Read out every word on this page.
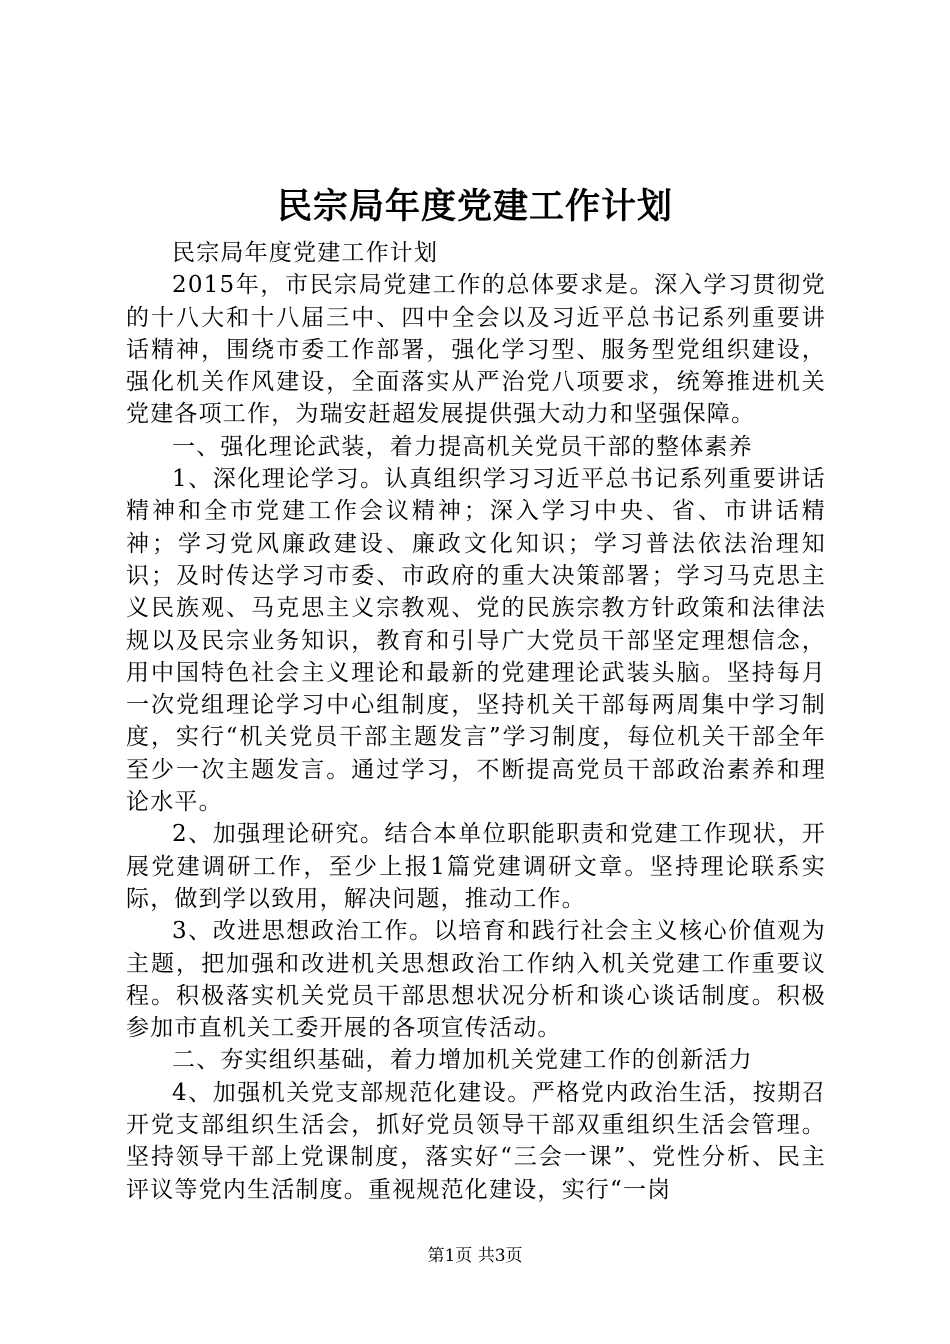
民宗局年度党建工作计划

民宗局年度党建工作计划

2015年，市民宗局党建工作的总体要求是。深入学习贯彻党的十八大和十八届三中、四中全会以及习近平总书记系列重要讲话精神，围绕市委工作部署，强化学习型、服务型党组织建设，强化机关作风建设，全面落实从严治党八项要求，统筹推进机关党建各项工作，为瑞安赶超发展提供强大动力和坚强保障。

一、强化理论武装，着力提高机关党员干部的整体素养

1、深化理论学习。认真组织学习习近平总书记系列重要讲话精神和全市党建工作会议精神；深入学习中央、省、市讲话精神；学习党风廉政建设、廉政文化知识；学习普法依法治理知识；及时传达学习市委、市政府的重大决策部署；学习马克思主义民族观、马克思主义宗教观、党的民族宗教方针政策和法律法规以及民宗业务知识，教育和引导广大党员干部坚定理想信念，用中国特色社会主义理论和最新的党建理论武装头脑。坚持每月一次党组理论学习中心组制度，坚持机关干部每两周集中学习制度，实行“机关党员干部主题发言”学习制度，每位机关干部全年至少一次主题发言。通过学习，不断提高党员干部政治素养和理论水平。

2、加强理论研究。结合本单位职能职责和党建工作现状，开展党建调研工作，至少上报1篇党建调研文章。坚持理论联系实际，做到学以致用，解决问题，推动工作。

3、改进思想政治工作。以培育和践行社会主义核心价值观为主题，把加强和改进机关思想政治工作纳入机关党建工作重要议程。积极落实机关党员干部思想状况分析和谈心谈话制度。积极参加市直机关工委开展的各项宣传活动。

二、夯实组织基础，着力增加机关党建工作的创新活力

4、加强机关党支部规范化建设。严格党内政治生活，按期召开党支部组织生活会，抓好党员领导干部双重组织生活会管理。坚持领导干部上党课制度，落实好“三会一课”、党性分析、民主评议等党内生活制度。重视规范化建设，实行“一岗

第1页 共3页
